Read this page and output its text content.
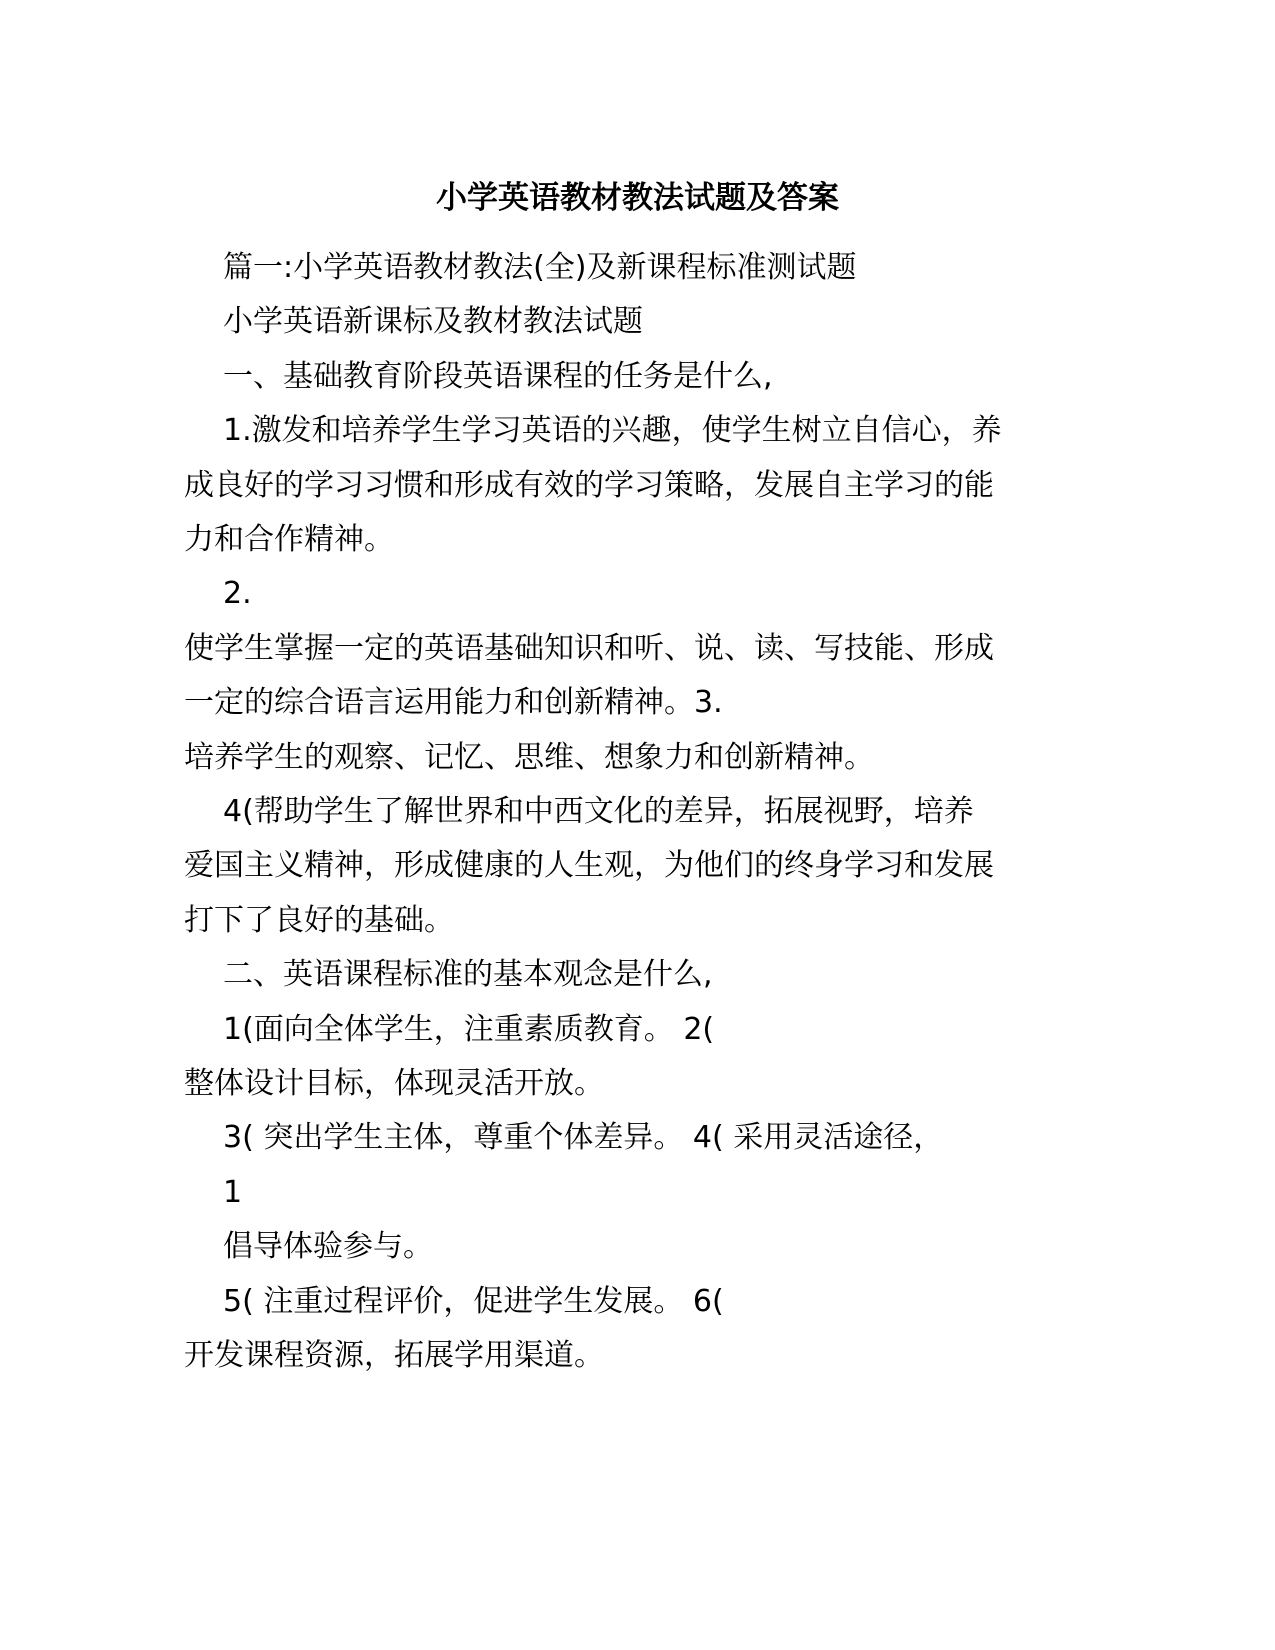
小学英语教材教法试题及答案
篇一:小学英语教材教法(全)及新课程标准测试题
小学英语新课标及教材教法试题
一、基础教育阶段英语课程的任务是什么,
1.激发和培养学生学习英语的兴趣，使学生树立自信心，养
成良好的学习习惯和形成有效的学习策略，发展自主学习的能
力和合作精神。
2.
使学生掌握一定的英语基础知识和听、说、读、写技能、形成
一定的综合语言运用能力和创新精神。3.
培养学生的观察、记忆、思维、想象力和创新精神。
4(帮助学生了解世界和中西文化的差异，拓展视野，培养
爱国主义精神，形成健康的人生观，为他们的终身学习和发展
打下了良好的基础。
二、英语课程标准的基本观念是什么,
1(面向全体学生，注重素质教育。 2(
整体设计目标，体现灵活开放。
3( 突出学生主体，尊重个体差异。 4( 采用灵活途径，
1
倡导体验参与。
5( 注重过程评价，促进学生发展。 6(
开发课程资源，拓展学用渠道。
